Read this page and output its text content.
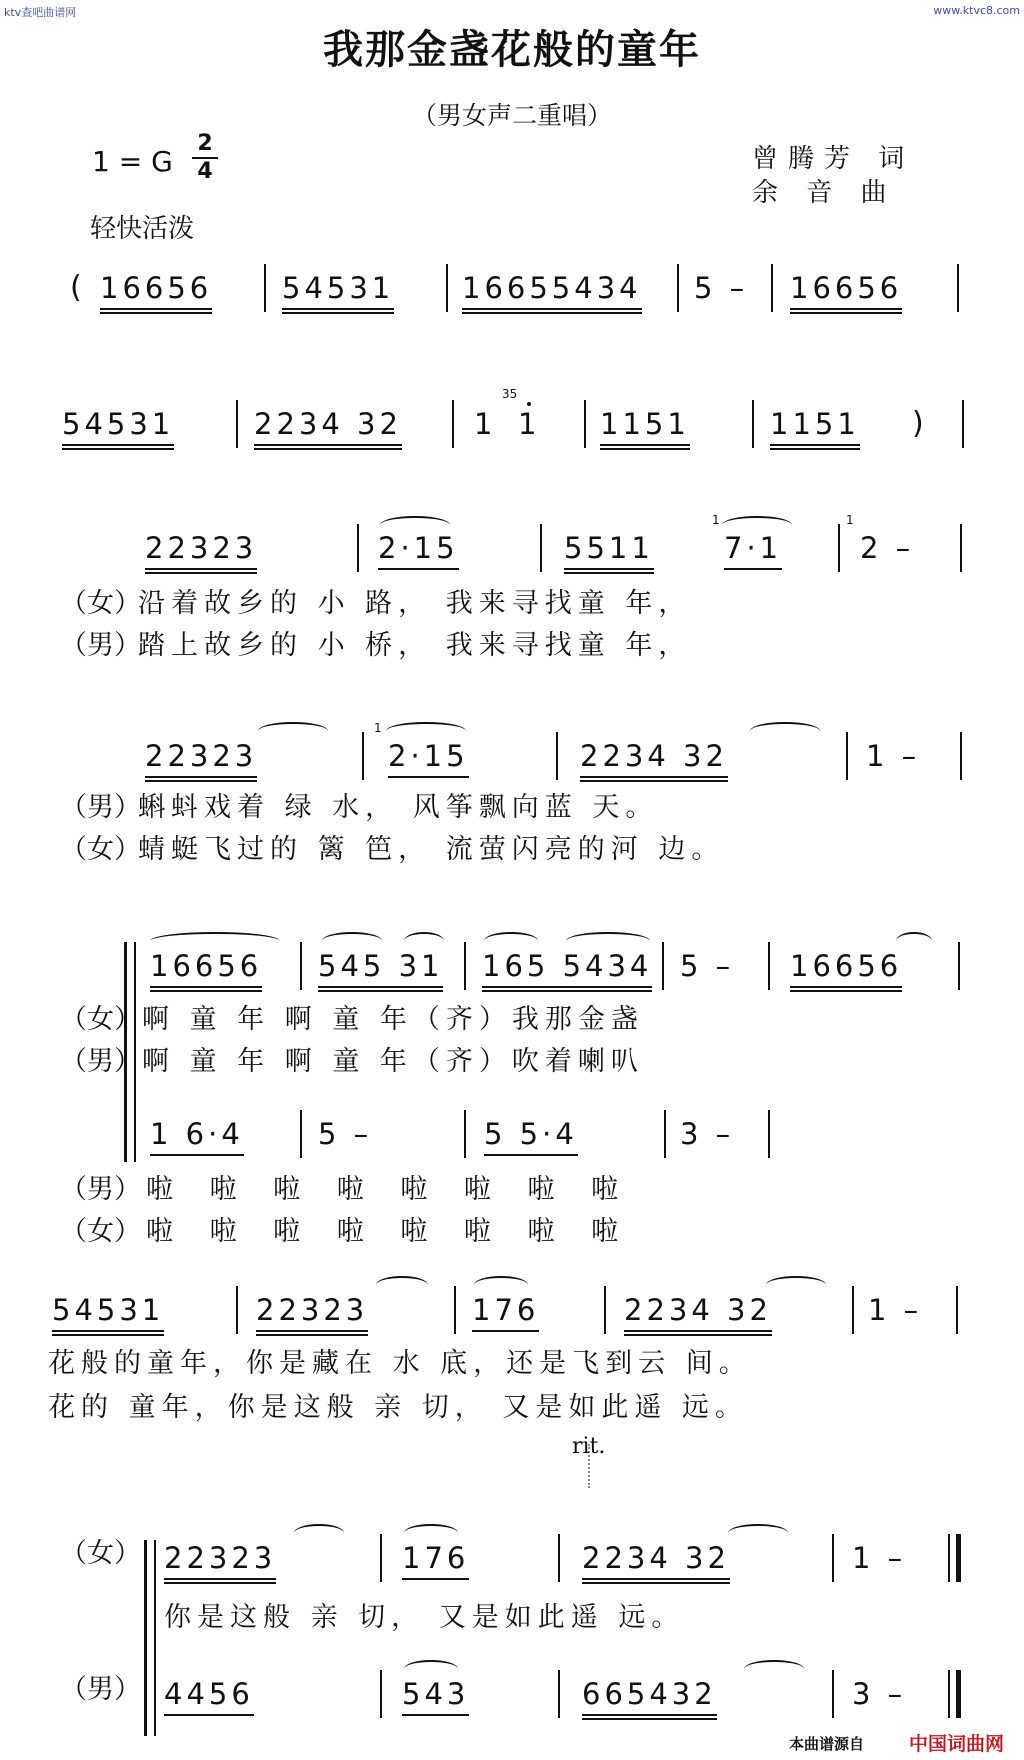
ktv查吧曲谱网	www.ktvc8.com
我那金盏花般的童年
（男女声二重唱）
曾腾芳 词
余 音 曲
1 = G
2
4
轻快活泼
( 16656 54531 16655434 5 – 16656
54531	2234 32 1
35
1 1151	1151 )
22323	2·15	5511
1
7·1
1
2 –
（女）
沿着故乡的 小 路， 我来寻找童 年，
（男）
踏上故乡的 小 桥， 我来寻找童 年，
22323
1
2·15	2234 32	1 –
（男）
蝌蚪戏着 绿 水， 风筝飘向蓝 天。
（女）
蜻蜓飞过的 篱 笆， 流萤闪亮的河 边。
16656 545 31 165 5434 5 – 16656
（女） 啊 童 年 啊 童 年（齐）我那金盏
（男） 啊 童 年 啊 童 年（齐）吹着喇叭
1 6·4	5 –	5 5·4	3 –
（男） 啦 啦 啦 啦 啦 啦 啦 啦
（女） 啦 啦 啦 啦 啦 啦 啦 啦
54531	22323	176	2234 32	1 –
花般的童年，你是藏在 水 底，还是飞到云 间。
花的 童年，你是这般 亲 切， 又是如此遥 远。
rit.
（女） 22323	176	2234 32	1 –
你是这般 亲 切， 又是如此遥 远。
（男） 4456	543	665432	3 –
本曲谱源自 中国词曲网
